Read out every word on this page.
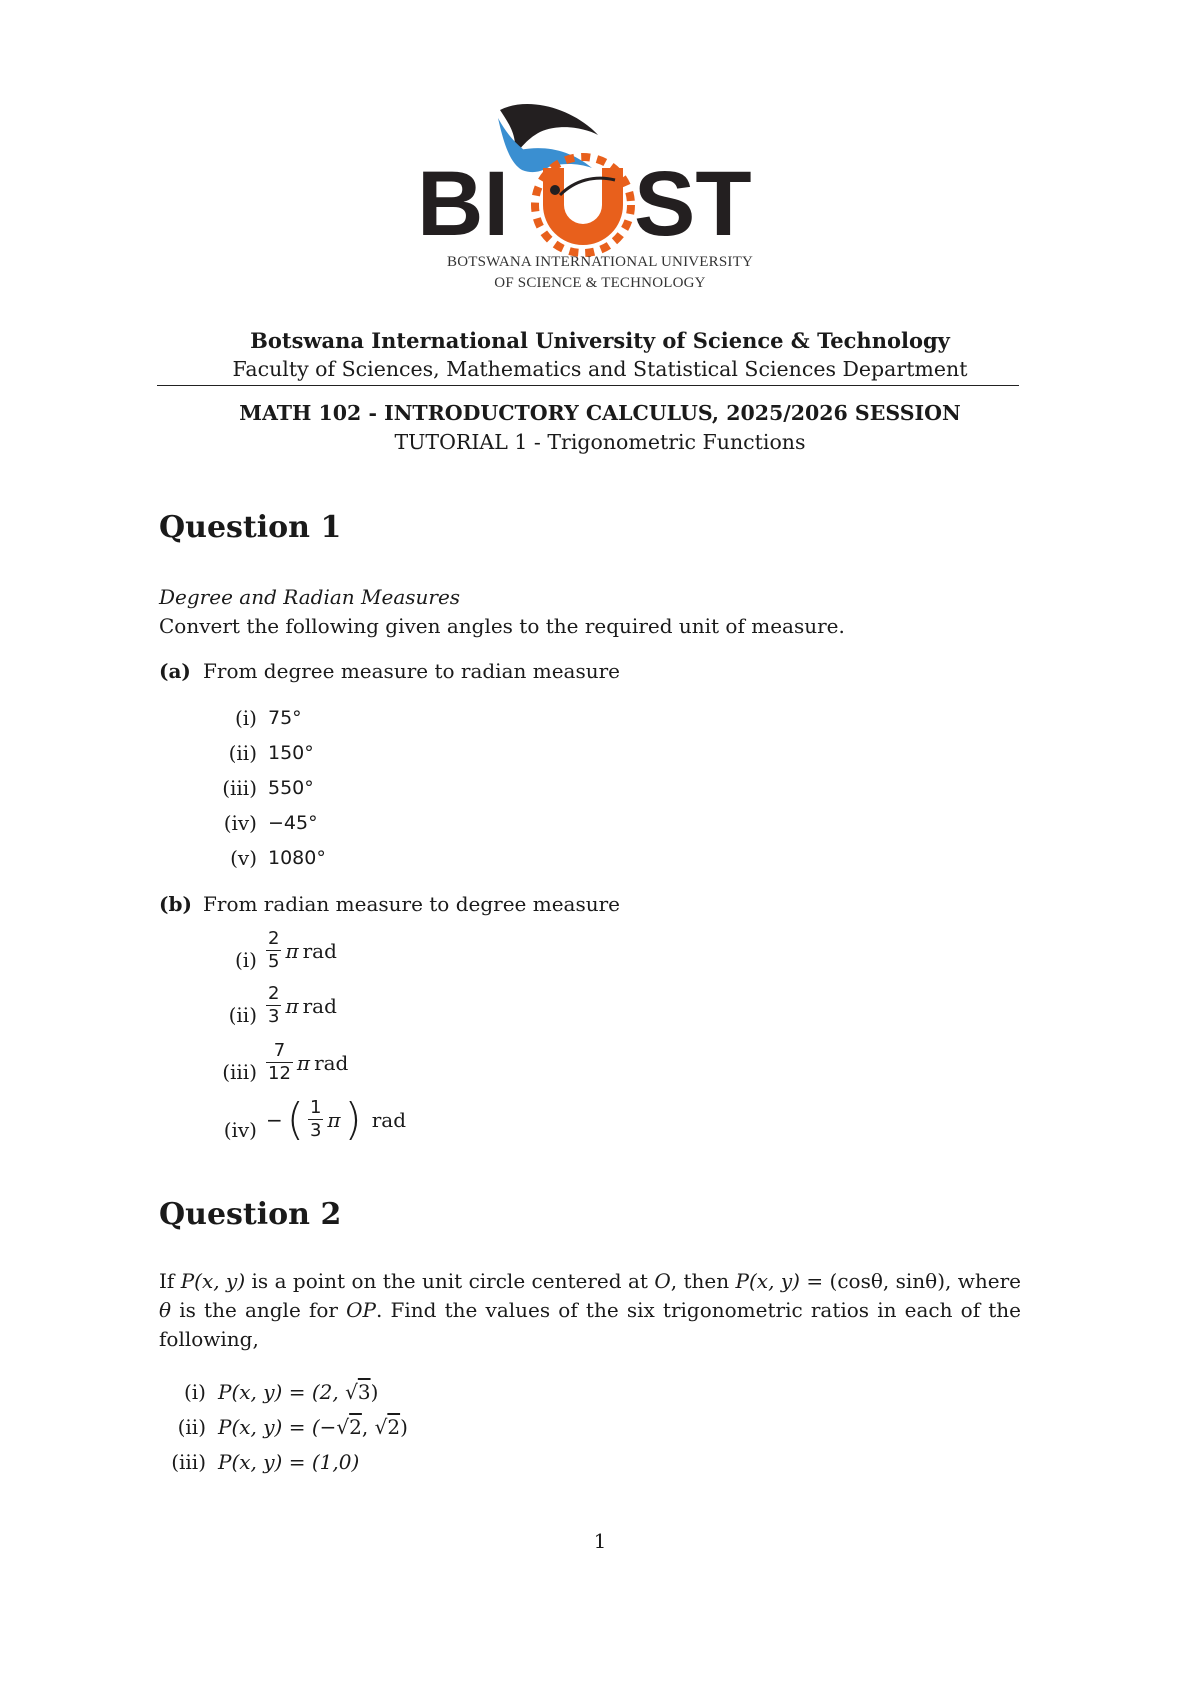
BI ST
BOTSWANA INTERNATIONAL UNIVERSITY
OF SCIENCE & TECHNOLOGY
Botswana International University of Science & Technology
Faculty of Sciences, Mathematics and Statistical Sciences Department
MATH 102 - INTRODUCTORY CALCULUS, 2025/2026 SESSION
TUTORIAL 1 - Trigonometric Functions
Question 1
Degree and Radian Measures
Convert the following given angles to the required unit of measure.
(a) From degree measure to radian measure
(i) 75°
(ii) 150°
(iii) 550°
(iv) −45°
(v) 1080°
(b) From radian measure to degree measure
$(i) \frac{2}{5}$ π rad
$(ii) \frac{2}{3}$ π rad
$(iii) \frac{7}{12}$ π rad
(iv) − ( $\frac{1}{3}$ π ) rad
Question 2
If P(x, y) is a point on the unit circle centered at O, then P(x, y) = (cosθ, sinθ), where θ is the angle for OP. Find the values of the six trigonometric ratios in each of the following,
(i) P(x, y) = (2, √3)
(ii) P(x, y) = (−√2, √2)
(iii) P(x, y) = (1,0)
1
